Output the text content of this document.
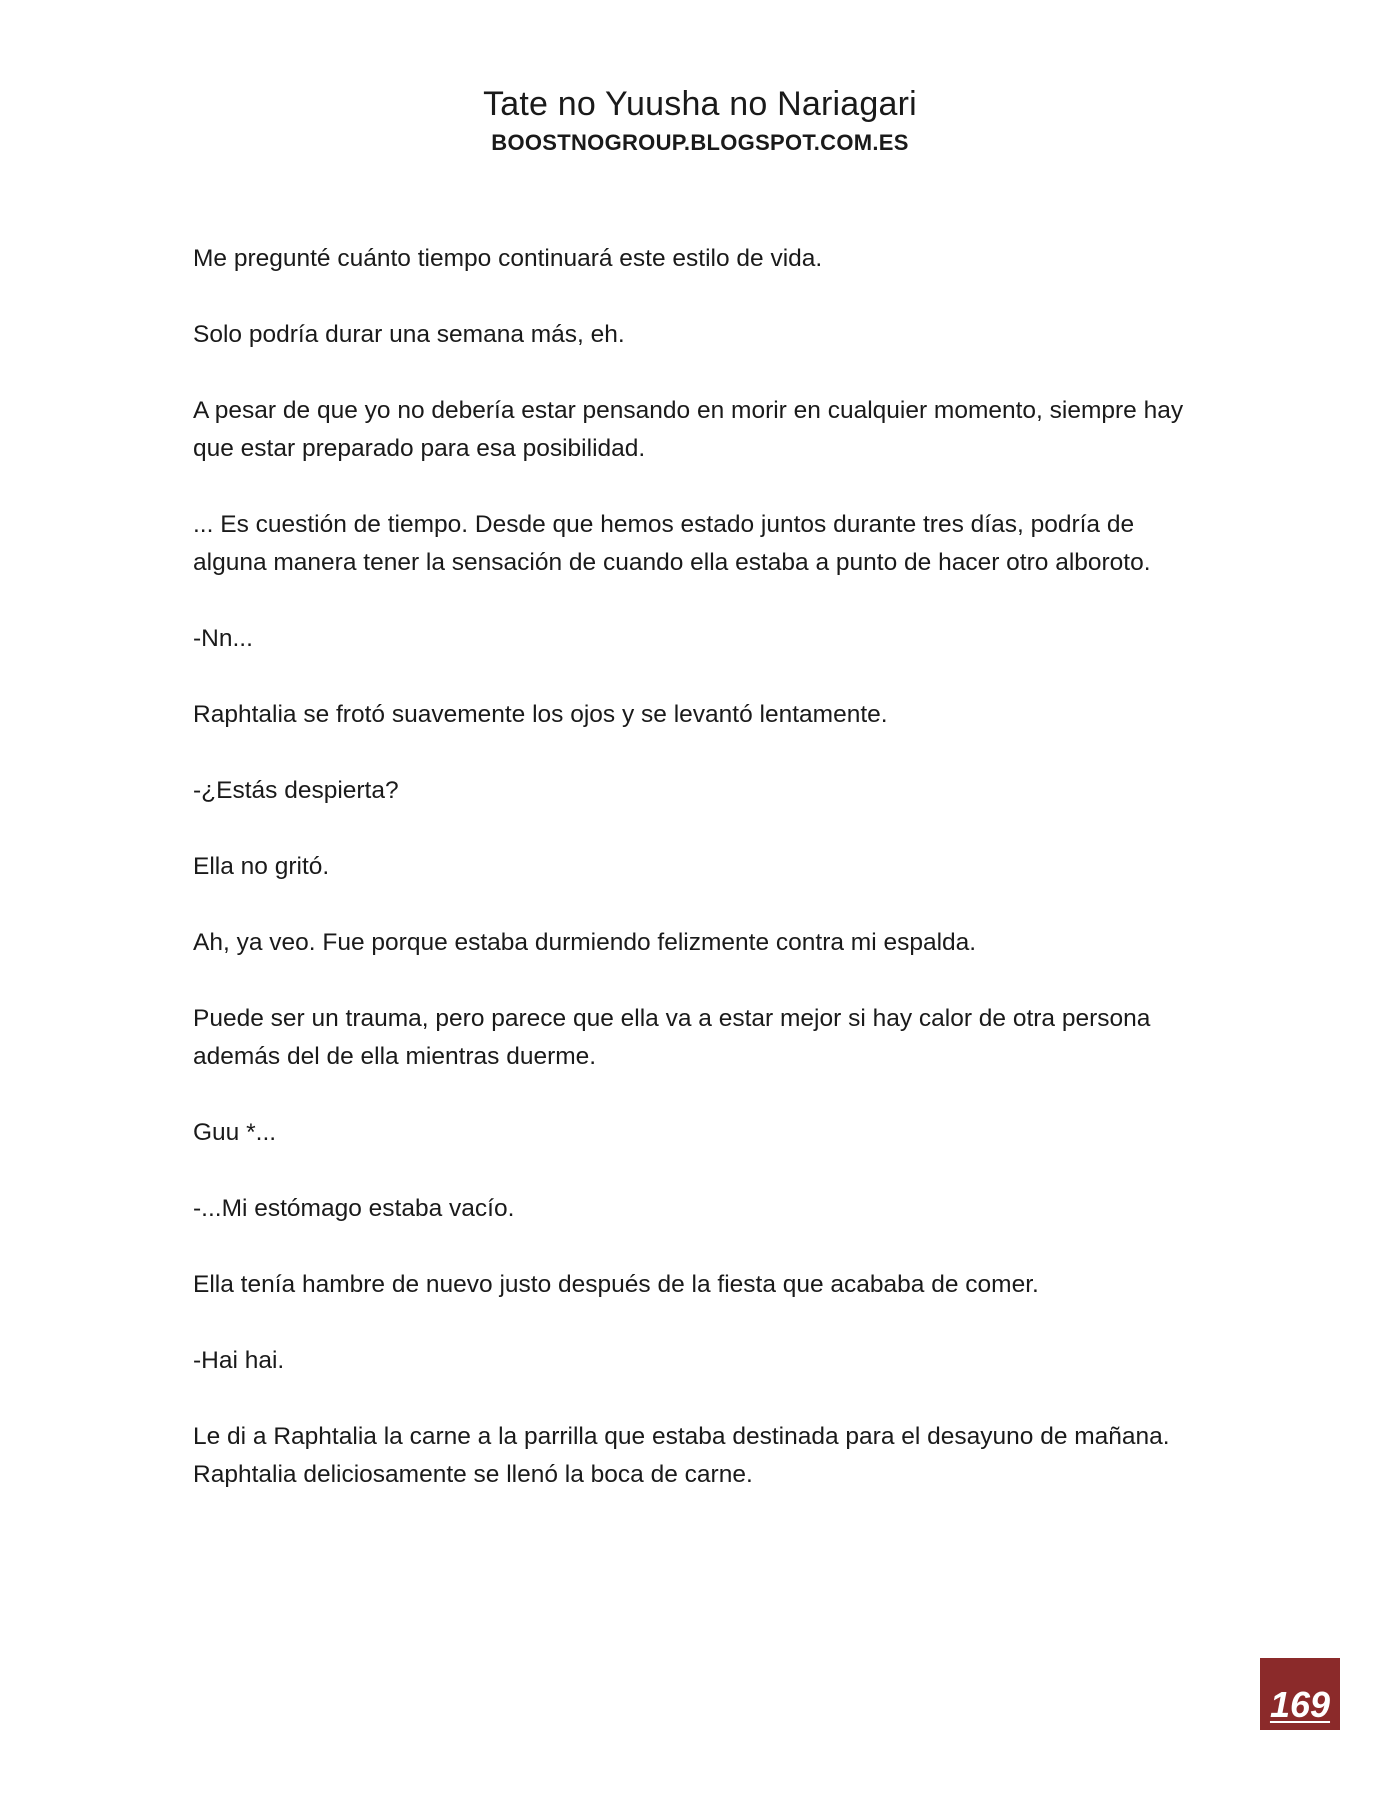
Tate no Yuusha no Nariagari
BOOSTNOGROUP.BLOGSPOT.COM.ES

Me pregunté cuánto tiempo continuará este estilo de vida.

Solo podría durar una semana más, eh.

A pesar de que yo no debería estar pensando en morir en cualquier momento, siempre hay que estar preparado para esa posibilidad.

... Es cuestión de tiempo. Desde que hemos estado juntos durante tres días, podría de alguna manera tener la sensación de cuando ella estaba a punto de hacer otro alboroto.

-Nn...

Raphtalia se frotó suavemente los ojos y se levantó lentamente.

-¿Estás despierta?

Ella no gritó.

Ah, ya veo. Fue porque estaba durmiendo felizmente contra mi espalda.

Puede ser un trauma, pero parece que ella va a estar mejor si hay calor de otra persona además del de ella mientras duerme.

Guu *...

-...Mi estómago estaba vacío.

Ella tenía hambre de nuevo justo después de la fiesta que acababa de comer.

-Hai hai.

Le di a Raphtalia la carne a la parrilla que estaba destinada para el desayuno de mañana. Raphtalia deliciosamente se llenó la boca de carne.

169
